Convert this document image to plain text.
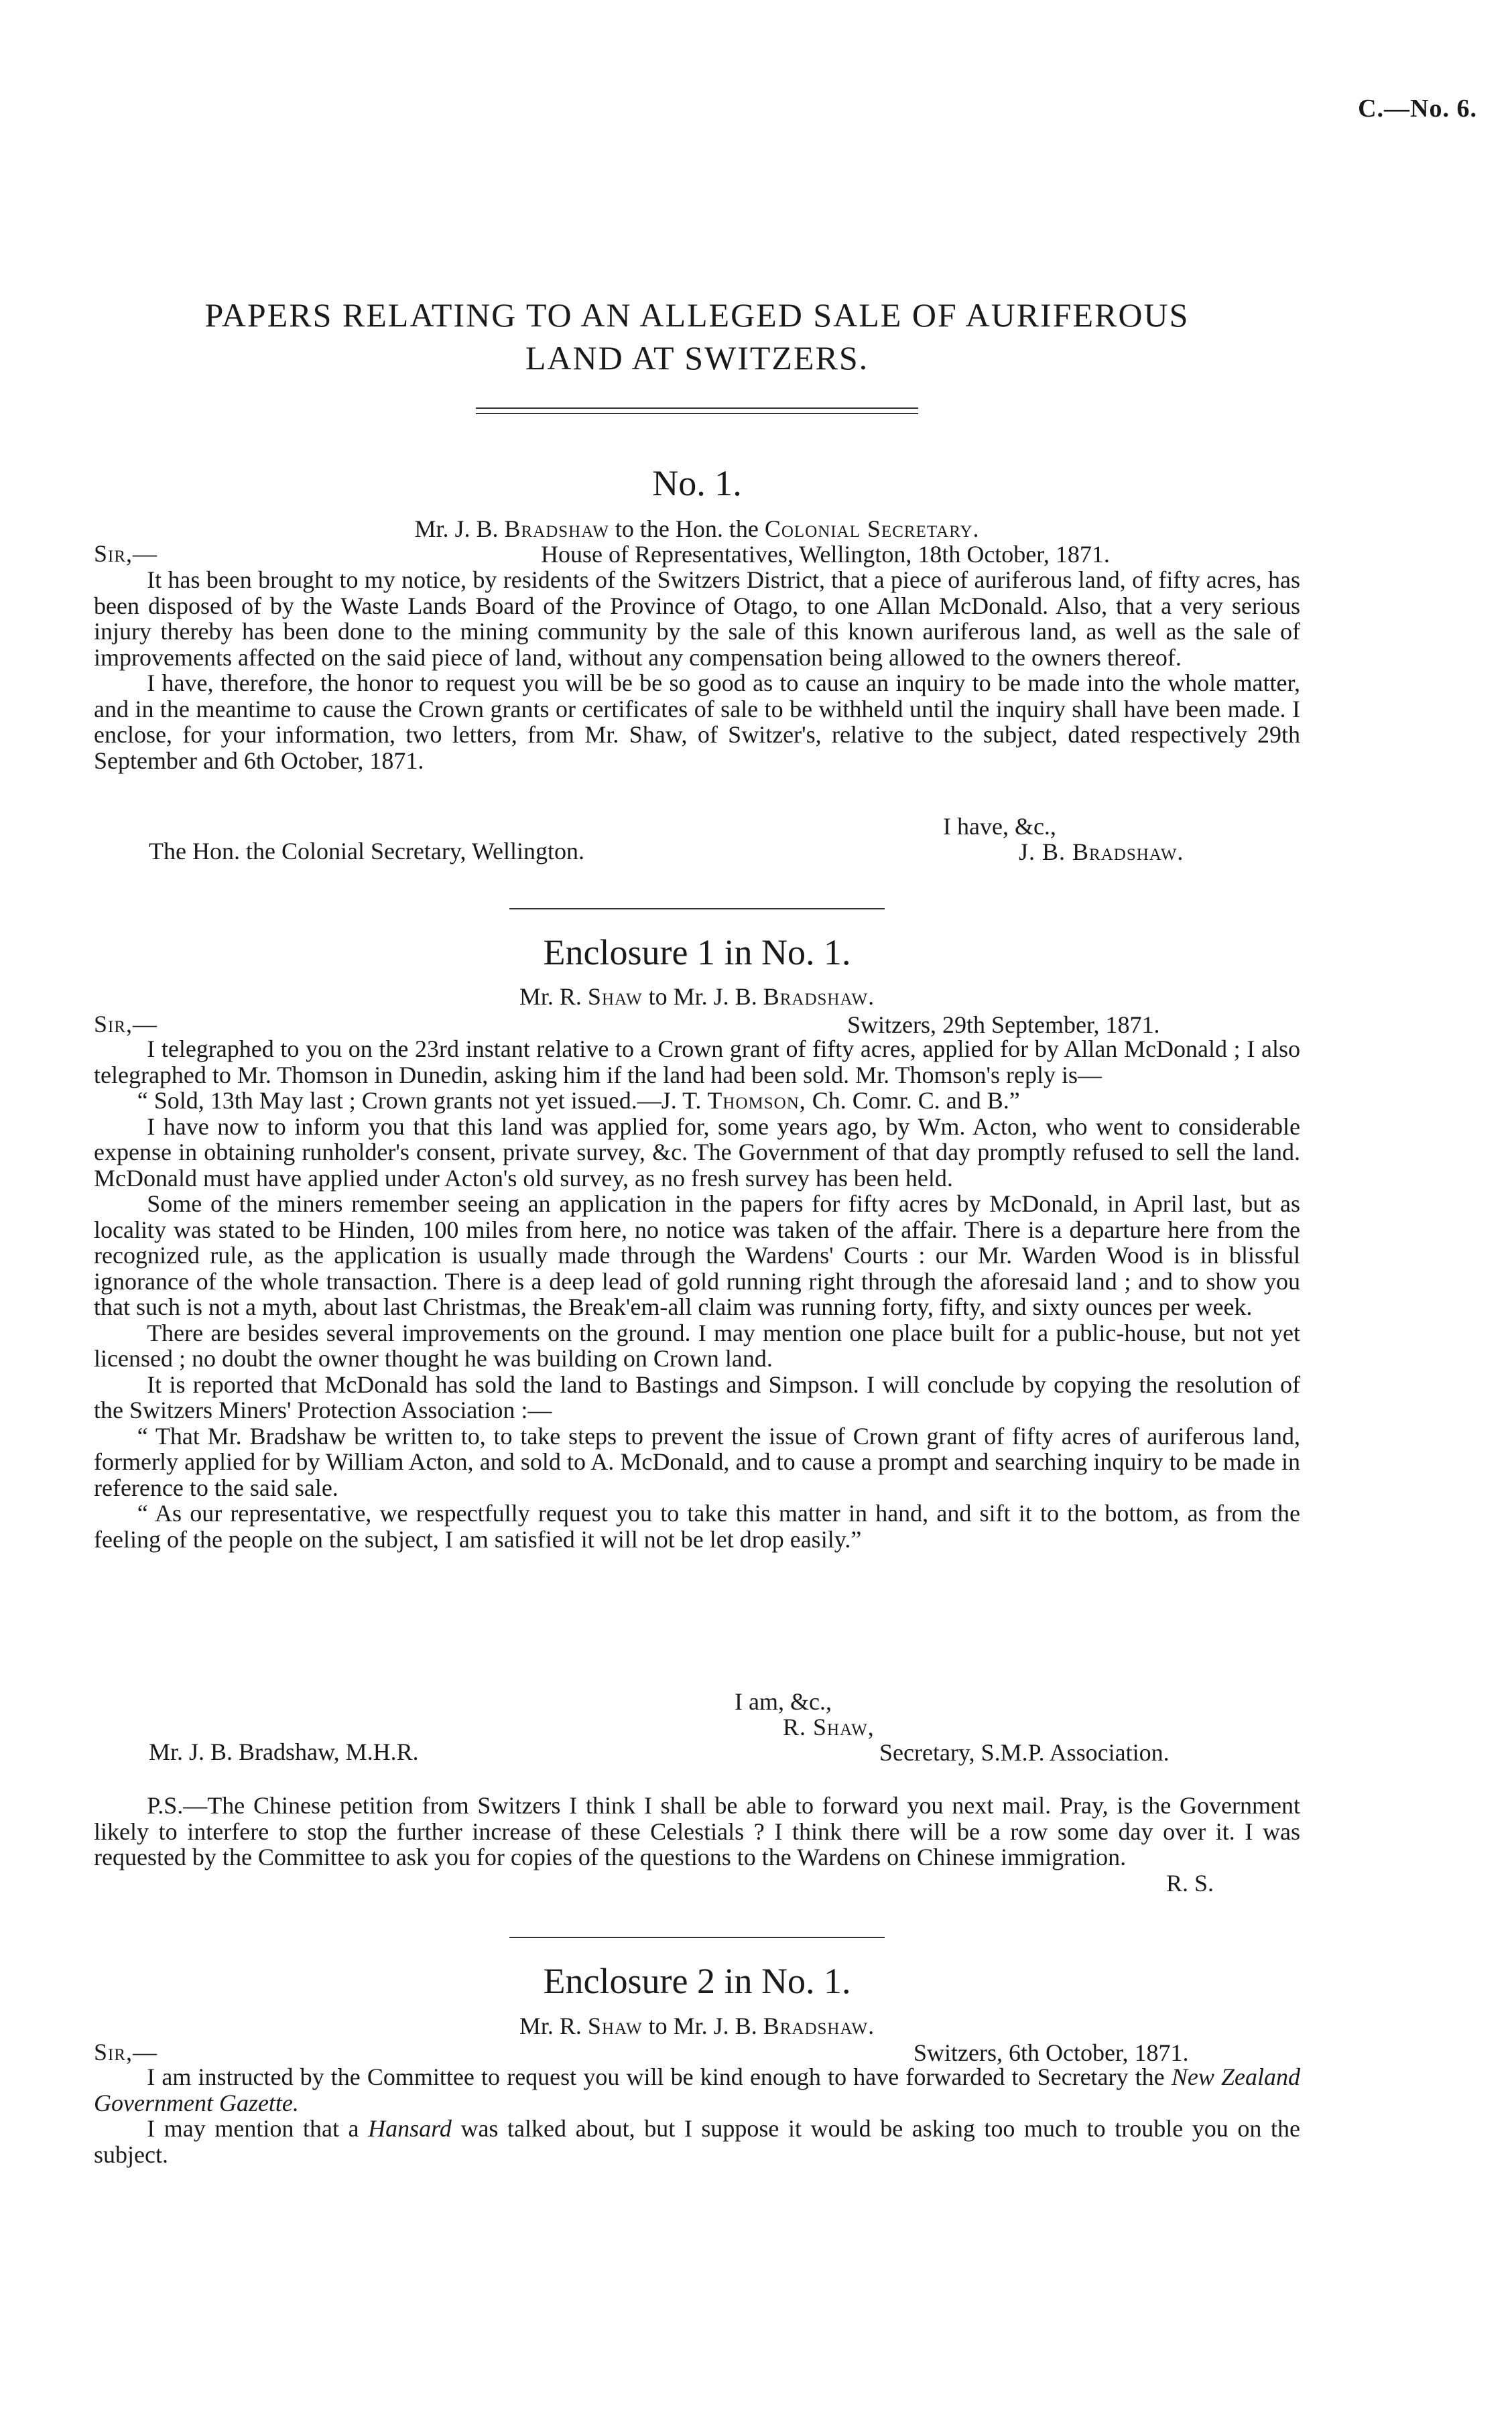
C.—No. 6.
PAPERS RELATING TO AN ALLEGED SALE OF AURIFEROUS
LAND AT SWITZERS.
No. 1.
Mr. J. B. Bradshaw to the Hon. the Colonial Secretary.
Sir,—	House of Representatives, Wellington, 18th October, 1871.

It has been brought to my notice, by residents of the Switzers District, that a piece of auriferous land, of fifty acres, has been disposed of by the Waste Lands Board of the Province of Otago, to one Allan McDonald. Also, that a very serious injury thereby has been done to the mining community by the sale of this known auriferous land, as well as the sale of improvements affected on the said piece of land, without any compensation being allowed to the owners thereof.

I have, therefore, the honor to request you will be be so good as to cause an inquiry to be made into the whole matter, and in the meantime to cause the Crown grants or certificates of sale to be withheld until the inquiry shall have been made. I enclose, for your information, two letters, from Mr. Shaw, of Switzer's, relative to the subject, dated respectively 29th September and 6th October, 1871.

I have, &c.,
The Hon. the Colonial Secretary, Wellington.	J. B. Bradshaw.
Enclosure 1 in No. 1.
Mr. R. Shaw to Mr. J. B. Bradshaw.
Sir,—	Switzers, 29th September, 1871.

I telegraphed to you on the 23rd instant relative to a Crown grant of fifty acres, applied for by Allan McDonald ; I also telegraphed to Mr. Thomson in Dunedin, asking him if the land had been sold. Mr. Thomson's reply is—

“ Sold, 13th May last ; Crown grants not yet issued.—J. T. Thomson, Ch. Comr. C. and B.”

I have now to inform you that this land was applied for, some years ago, by Wm. Acton, who went to considerable expense in obtaining runholder's consent, private survey, &c. The Government of that day promptly refused to sell the land. McDonald must have applied under Acton's old survey, as no fresh survey has been held.

Some of the miners remember seeing an application in the papers for fifty acres by McDonald, in April last, but as locality was stated to be Hinden, 100 miles from here, no notice was taken of the affair. There is a departure here from the recognized rule, as the application is usually made through the Wardens' Courts : our Mr. Warden Wood is in blissful ignorance of the whole transaction. There is a deep lead of gold running right through the aforesaid land ; and to show you that such is not a myth, about last Christmas, the Break'em-all claim was running forty, fifty, and sixty ounces per week.

There are besides several improvements on the ground. I may mention one place built for a public-house, but not yet licensed ; no doubt the owner thought he was building on Crown land.

It is reported that McDonald has sold the land to Bastings and Simpson. I will conclude by copying the resolution of the Switzers Miners' Protection Association :—

“ That Mr. Bradshaw be written to, to take steps to prevent the issue of Crown grant of fifty acres of auriferous land, formerly applied for by William Acton, and sold to A. McDonald, and to cause a prompt and searching inquiry to be made in reference to the said sale.

“ As our representative, we respectfully request you to take this matter in hand, and sift it to the bottom, as from the feeling of the people on the subject, I am satisfied it will not be let drop easily.”

I am, &c.,
R. Shaw,
Mr. J. B. Bradshaw, M.H.R.	Secretary, S.M.P. Association.

P.S.—The Chinese petition from Switzers I think I shall be able to forward you next mail. Pray, is the Government likely to interfere to stop the further increase of these Celestials ? I think there will be a row some day over it. I was requested by the Committee to ask you for copies of the questions to the Wardens on Chinese immigration.

R. S.
Enclosure 2 in No. 1.
Mr. R. Shaw to Mr. J. B. Bradshaw.
Sir,—	Switzers, 6th October, 1871.

I am instructed by the Committee to request you will be kind enough to have forwarded to Secretary the New Zealand Government Gazette.

I may mention that a Hansard was talked about, but I suppose it would be asking too much to trouble you on the subject.
